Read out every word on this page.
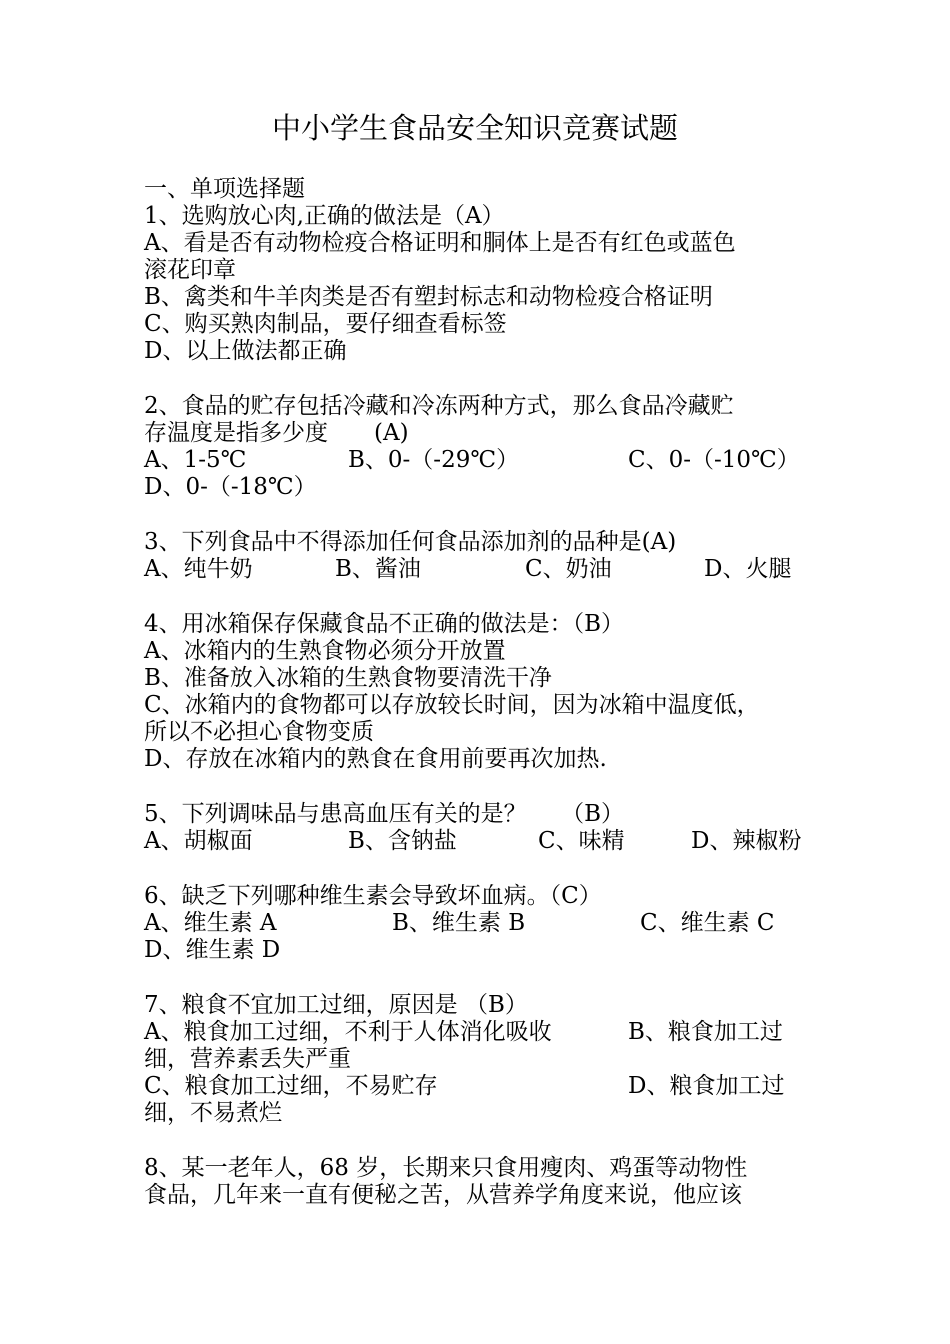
中小学生食品安全知识竞赛试题
一、单项选择题
1、选购放心肉,正确的做法是（A）
A、看是否有动物检疫合格证明和胴体上是否有红色或蓝色
滚花印章
B、禽类和牛羊肉类是否有塑封标志和动物检疫合格证明
C、购买熟肉制品，要仔细查看标签
D、以上做法都正确
2、食品的贮存包括冷藏和冷冻两种方式，那么食品冷藏贮
存温度是指多少度　　(A)
A、1-5℃	B、0-（-29℃）	C、0-（-10℃）
D、0-（-18℃）
3、下列食品中不得添加任何食品添加剂的品种是(A)
A、纯牛奶	B、酱油	C、奶油	D、火腿
4、用冰箱保存保藏食品不正确的做法是：（B）
A、冰箱内的生熟食物必须分开放置
B、准备放入冰箱的生熟食物要清洗干净
C、冰箱内的食物都可以存放较长时间，因为冰箱中温度低，
所以不必担心食物变质
D、存放在冰箱内的熟食在食用前要再次加热.
5、下列调味品与患高血压有关的是？　　（B）
A、胡椒面	B、含钠盐	C、味精	D、辣椒粉
6、缺乏下列哪种维生素会导致坏血病。（C）
A、维生素 A	B、维生素 B	C、维生素 C
D、维生素 D
7、粮食不宜加工过细，原因是 （B）
A、粮食加工过细，不利于人体消化吸收	B、粮食加工过
细，营养素丢失严重
C、粮食加工过细，不易贮存	D、粮食加工过
细，不易煮烂
8、某一老年人，68 岁，长期来只食用瘦肉、鸡蛋等动物性
食品，几年来一直有便秘之苦，从营养学角度来说，他应该
